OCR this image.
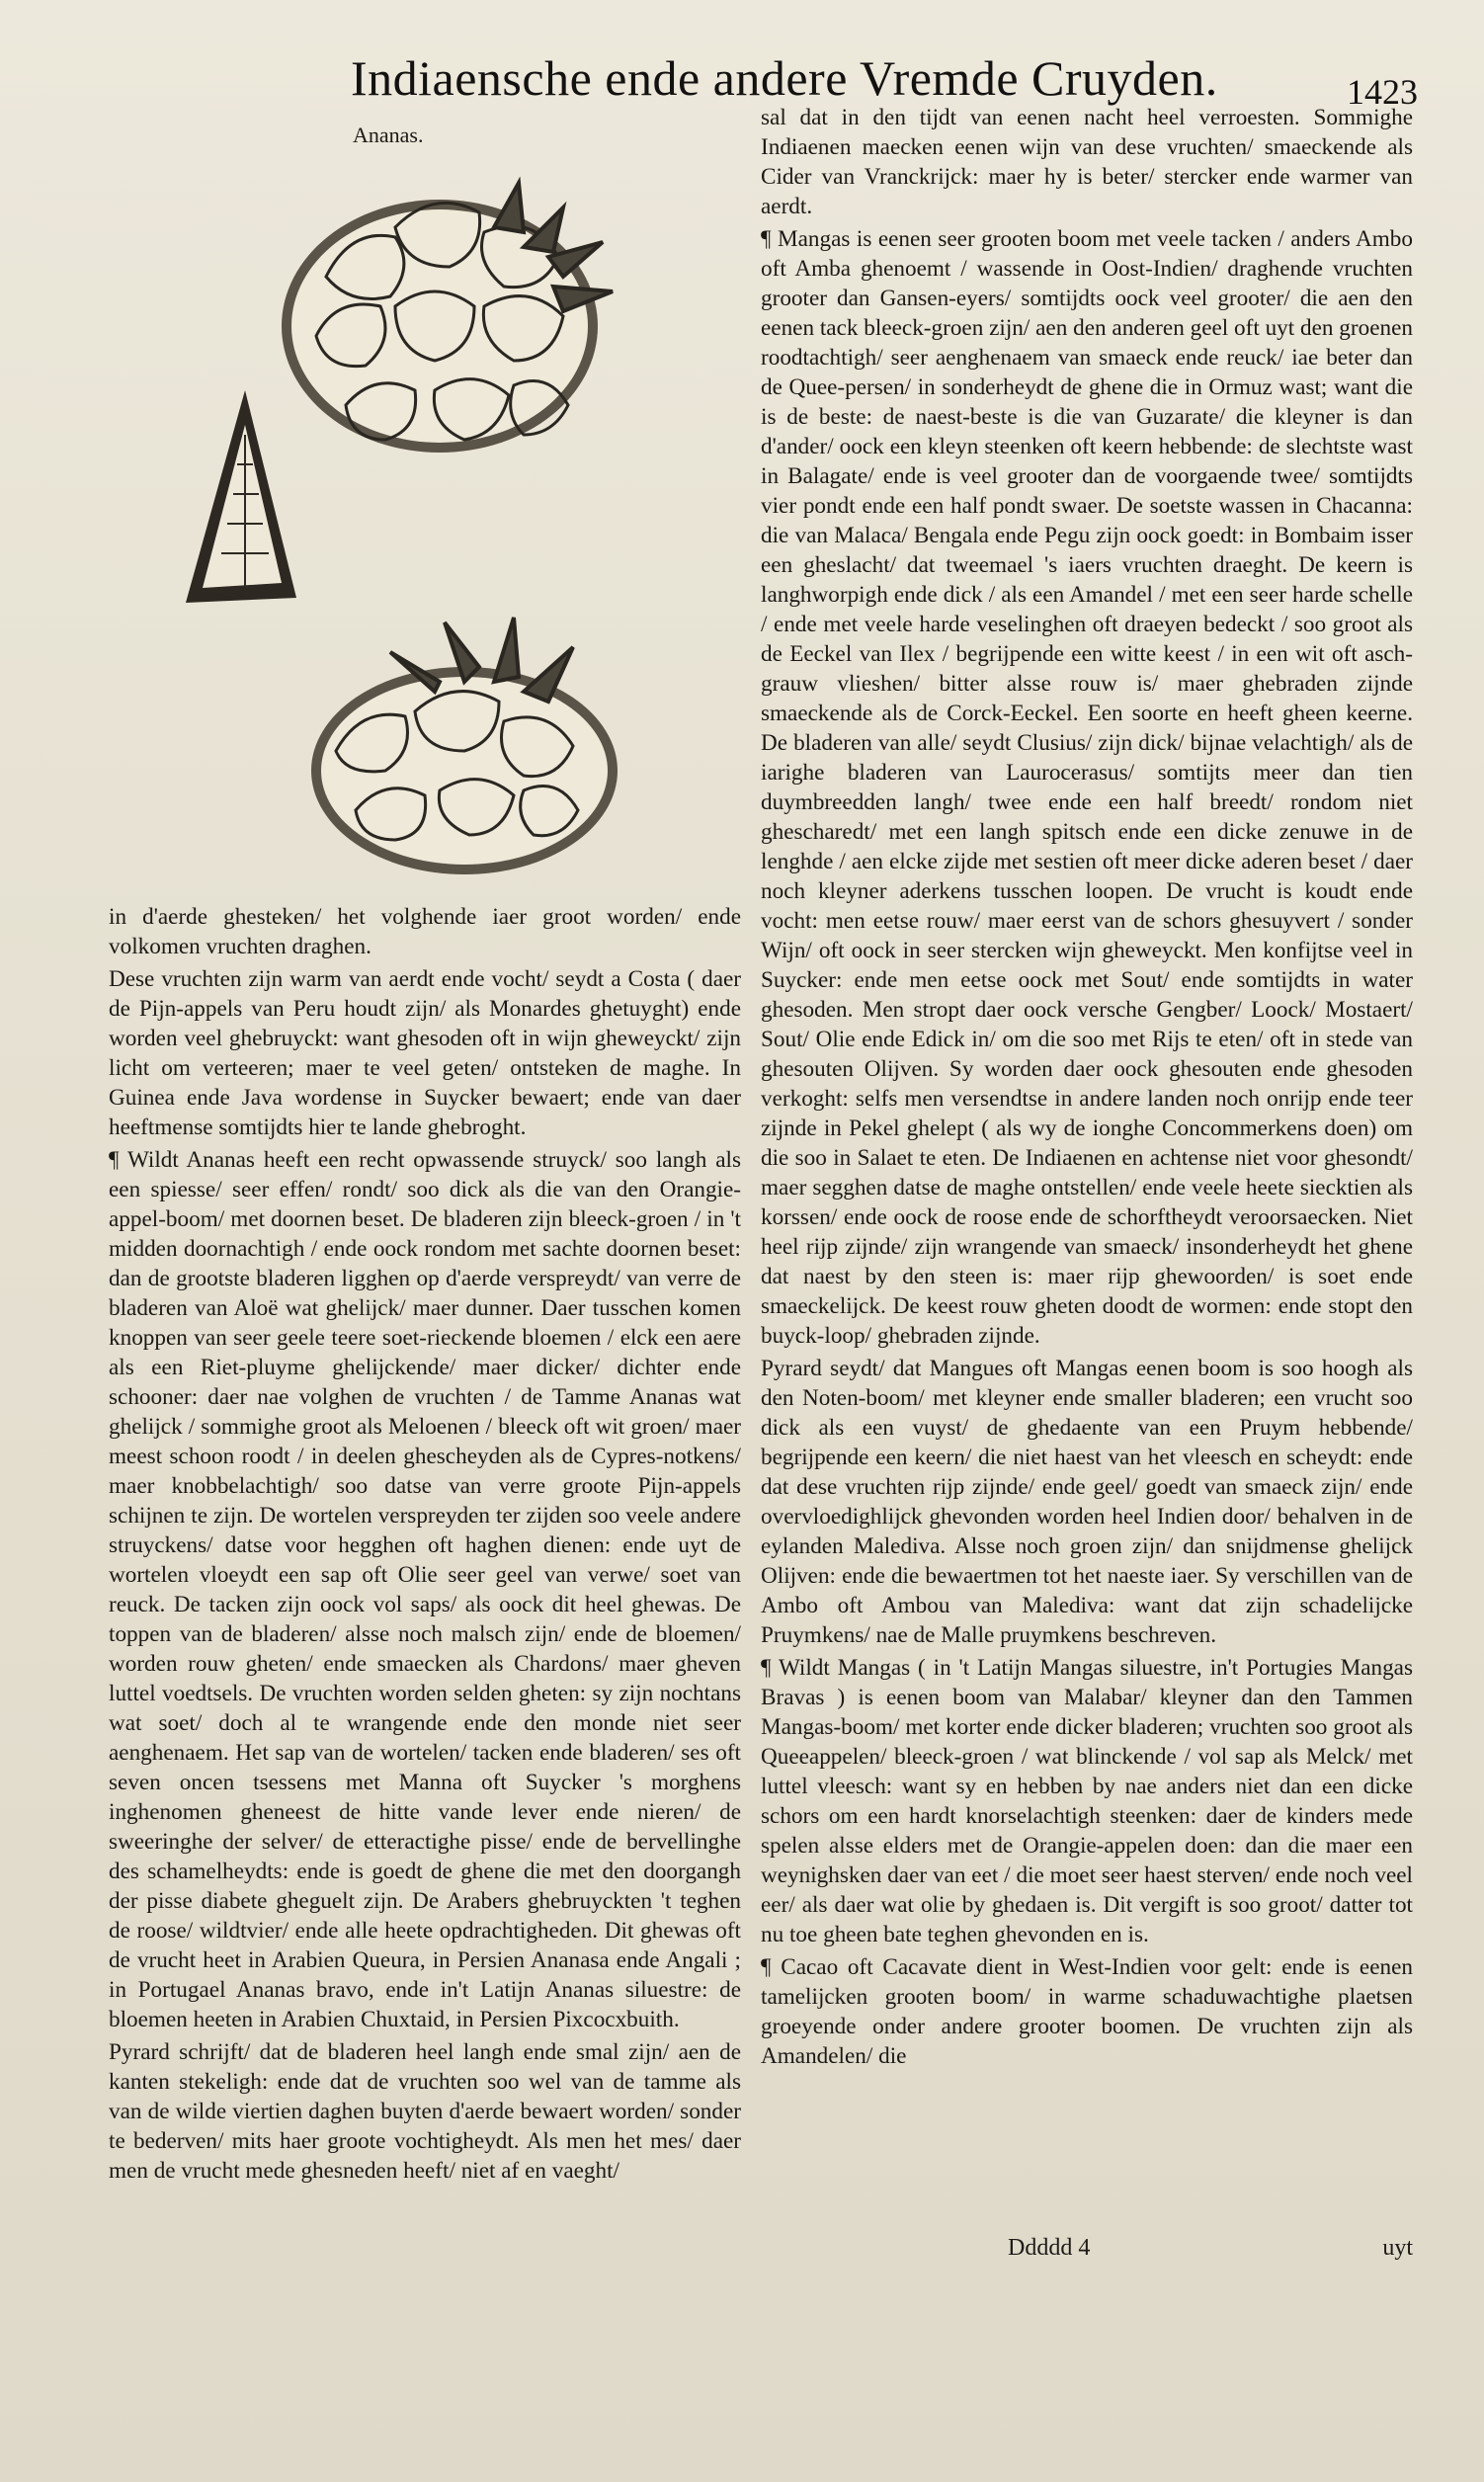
Indiaensche ende andere Vremde Cruyden.	1423
Ananas.

in d'aerde ghesteken/ het volghende iaer groot worden/ ende volkomen vruchten draghen.

Dese vruchten zijn warm van aerdt ende vocht/ seydt a Costa ( daer de Pijn-appels van Peru houdt zijn/ als Monardes ghetuyght) ende worden veel ghebruyckt: want ghesoden oft in wijn gheweyckt/ zijn licht om verteeren; maer te veel geten/ ontsteken de maghe. In Guinea ende Java wordense in Suycker bewaert; ende van daer heeftmense somtijdts hier te lande ghebroght.

¶ Wildt Ananas heeft een recht opwassende struyck/ soo langh als een spiesse/ seer effen/ rondt/ soo dick als die van den Orangie-appel-boom/ met doornen beset. De bladeren zijn bleeck-groen / in 't midden doornachtigh / ende oock rondom met sachte doornen beset: dan de grootste bladeren ligghen op d'aerde verspreydt/ van verre de bladeren van Aloë wat ghelijck/ maer dunner. Daer tusschen komen knoppen van seer geele teere soet-rieckende bloemen / elck een aere als een Riet-pluyme ghelijckende/ maer dicker/ dichter ende schooner: daer nae volghen de vruchten / de Tamme Ananas wat ghelijck / sommighe groot als Meloenen / bleeck oft wit groen/ maer meest schoon roodt / in deelen ghescheyden als de Cypres-notkens/ maer knobbelachtigh/ soo datse van verre groote Pijn-appels schijnen te zijn. De wortelen verspreyden ter zijden soo veele andere struyckens/ datse voor hegghen oft haghen dienen: ende uyt de wortelen vloeydt een sap oft Olie seer geel van verwe/ soet van reuck. De tacken zijn oock vol saps/ als oock dit heel ghewas. De toppen van de bladeren/ alsse noch malsch zijn/ ende de bloemen/ worden rouw gheten/ ende smaecken als Chardons/ maer gheven luttel voedtsels. De vruchten worden selden gheten: sy zijn nochtans wat soet/ doch al te wrangende ende den monde niet seer aenghenaem. Het sap van de wortelen/ tacken ende bladeren/ ses oft seven oncen tsessens met Manna oft Suycker 's morghens inghenomen gheneest de hitte vande lever ende nieren/ de sweeringhe der selver/ de etteractighe pisse/ ende de bervellinghe des schamelheydts: ende is goedt de ghene die met den doorgangh der pisse diabete gheguelt zijn. De Arabers ghebruyckten 't teghen de roose/ wildtvier/ ende alle heete opdrachtigheden. Dit ghewas oft de vrucht heet in Arabien Queura, in Persien Ananasa ende Angali ; in Portugael Ananas bravo, ende in't Latijn Ananas siluestre: de bloemen heeten in Arabien Chuxtaid, in Persien Pixcocxbuith.

Pyrard schrijft/ dat de bladeren heel langh ende smal zijn/ aen de kanten stekeligh: ende dat de vruchten soo wel van de tamme als van de wilde viertien daghen buyten d'aerde bewaert worden/ sonder te bederven/ mits haer groote vochtigheydt. Als men het mes/ daer men de vrucht mede ghesneden heeft/ niet af en vaeght/

sal dat in den tijdt van eenen nacht heel verroesten. Sommighe Indiaenen maecken eenen wijn van dese vruchten/ smaeckende als Cider van Vranckrijck: maer hy is beter/ stercker ende warmer van aerdt.

¶ Mangas is eenen seer grooten boom met veele tacken / anders Ambo oft Amba ghenoemt / wassende in Oost-Indien/ draghende vruchten grooter dan Gansen-eyers/ somtijdts oock veel grooter/ die aen den eenen tack bleeck-groen zijn/ aen den anderen geel oft uyt den groenen roodtachtigh/ seer aenghenaem van smaeck ende reuck/ iae beter dan de Quee-persen/ in sonderheydt de ghene die in Ormuz wast; want die is de beste: de naest-beste is die van Guzarate/ die kleyner is dan d'ander/ oock een kleyn steenken oft keern hebbende: de slechtste wast in Balagate/ ende is veel grooter dan de voorgaende twee/ somtijdts vier pondt ende een half pondt swaer. De soetste wassen in Chacanna: die van Malaca/ Bengala ende Pegu zijn oock goedt: in Bombaim isser een gheslacht/ dat tweemael 's iaers vruchten draeght. De keern is langhworpigh ende dick / als een Amandel / met een seer harde schelle / ende met veele harde veselinghen oft draeyen bedeckt / soo groot als de Eeckel van Ilex / begrijpende een witte keest / in een wit oft asch-grauw vlieshen/ bitter alsse rouw is/ maer ghebraden zijnde smaeckende als de Corck-Eeckel. Een soorte en heeft gheen keerne. De bladeren van alle/ seydt Clusius/ zijn dick/ bijnae velachtigh/ als de iarighe bladeren van Laurocerasus/ somtijts meer dan tien duymbreedden langh/ twee ende een half breedt/ rondom niet ghescharedt/ met een langh spitsch ende een dicke zenuwe in de lenghde / aen elcke zijde met sestien oft meer dicke aderen beset / daer noch kleyner aderkens tusschen loopen. De vrucht is koudt ende vocht: men eetse rouw/ maer eerst van de schors ghesuyvert / sonder Wijn/ oft oock in seer stercken wijn gheweyckt. Men konfijtse veel in Suycker: ende men eetse oock met Sout/ ende somtijdts in water ghesoden. Men stropt daer oock versche Gengber/ Loock/ Mostaert/ Sout/ Olie ende Edick in/ om die soo met Rijs te eten/ oft in stede van ghesouten Olijven. Sy worden daer oock ghesouten ende ghesoden verkoght: selfs men versendtse in andere landen noch onrijp ende teer zijnde in Pekel ghelept ( als wy de ionghe Concommerkens doen) om die soo in Salaet te eten. De Indiaenen en achtense niet voor ghesondt/ maer segghen datse de maghe ontstellen/ ende veele heete siecktien als korssen/ ende oock de roose ende de schorftheydt veroorsaecken. Niet heel rijp zijnde/ zijn wrangende van smaeck/ insonderheydt het ghene dat naest by den steen is: maer rijp ghewoorden/ is soet ende smaeckelijck. De keest rouw gheten doodt de wormen: ende stopt den buyck-loop/ ghebraden zijnde.

Pyrard seydt/ dat Mangues oft Mangas eenen boom is soo hoogh als den Noten-boom/ met kleyner ende smaller bladeren; een vrucht soo dick als een vuyst/ de ghedaente van een Pruym hebbende/ begrijpende een keern/ die niet haest van het vleesch en scheydt: ende dat dese vruchten rijp zijnde/ ende geel/ goedt van smaeck zijn/ ende overvloedighlijck ghevonden worden heel Indien door/ behalven in de eylanden Malediva. Alsse noch groen zijn/ dan snijdmense ghelijck Olijven: ende die bewaertmen tot het naeste iaer. Sy verschillen van de Ambo oft Ambou van Malediva: want dat zijn schadelijcke Pruymkens/ nae de Malle pruymkens beschreven.

¶ Wildt Mangas ( in 't Latijn Mangas siluestre, in't Portugies Mangas Bravas ) is eenen boom van Malabar/ kleyner dan den Tammen Mangas-boom/ met korter ende dicker bladeren; vruchten soo groot als Queeappelen/ bleeck-groen / wat blinckende / vol sap als Melck/ met luttel vleesch: want sy en hebben by nae anders niet dan een dicke schors om een hardt knorselachtigh steenken: daer de kinders mede spelen alsse elders met de Orangie-appelen doen: dan die maer een weynighsken daer van eet / die moet seer haest sterven/ ende noch veel eer/ als daer wat olie by ghedaen is. Dit vergift is soo groot/ datter tot nu toe gheen bate teghen ghevonden en is.

¶ Cacao oft Cacavate dient in West-Indien voor gelt: ende is eenen tamelijcken grooten boom/ in warme schaduwachtighe plaetsen groeyende onder andere grooter boomen. De vruchten zijn als Amandelen/ die

Ddddd 4	uyt
